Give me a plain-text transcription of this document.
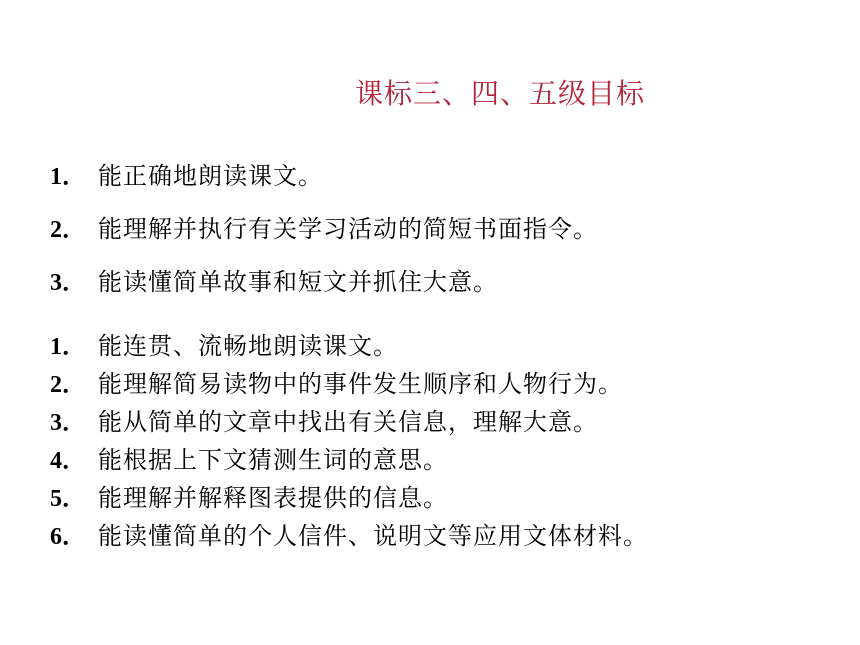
课标三、四、五级目标
1． 能正确地朗读课文。
2． 能理解并执行有关学习活动的简短书面指令。
3． 能读懂简单故事和短文并抓住大意。
1． 能连贯、流畅地朗读课文。
2． 能理解简易读物中的事件发生顺序和人物行为。
3． 能从简单的文章中找出有关信息，理解大意。
4． 能根据上下文猜测生词的意思。
5． 能理解并解释图表提供的信息。
6． 能读懂简单的个人信件、说明文等应用文体材料。
